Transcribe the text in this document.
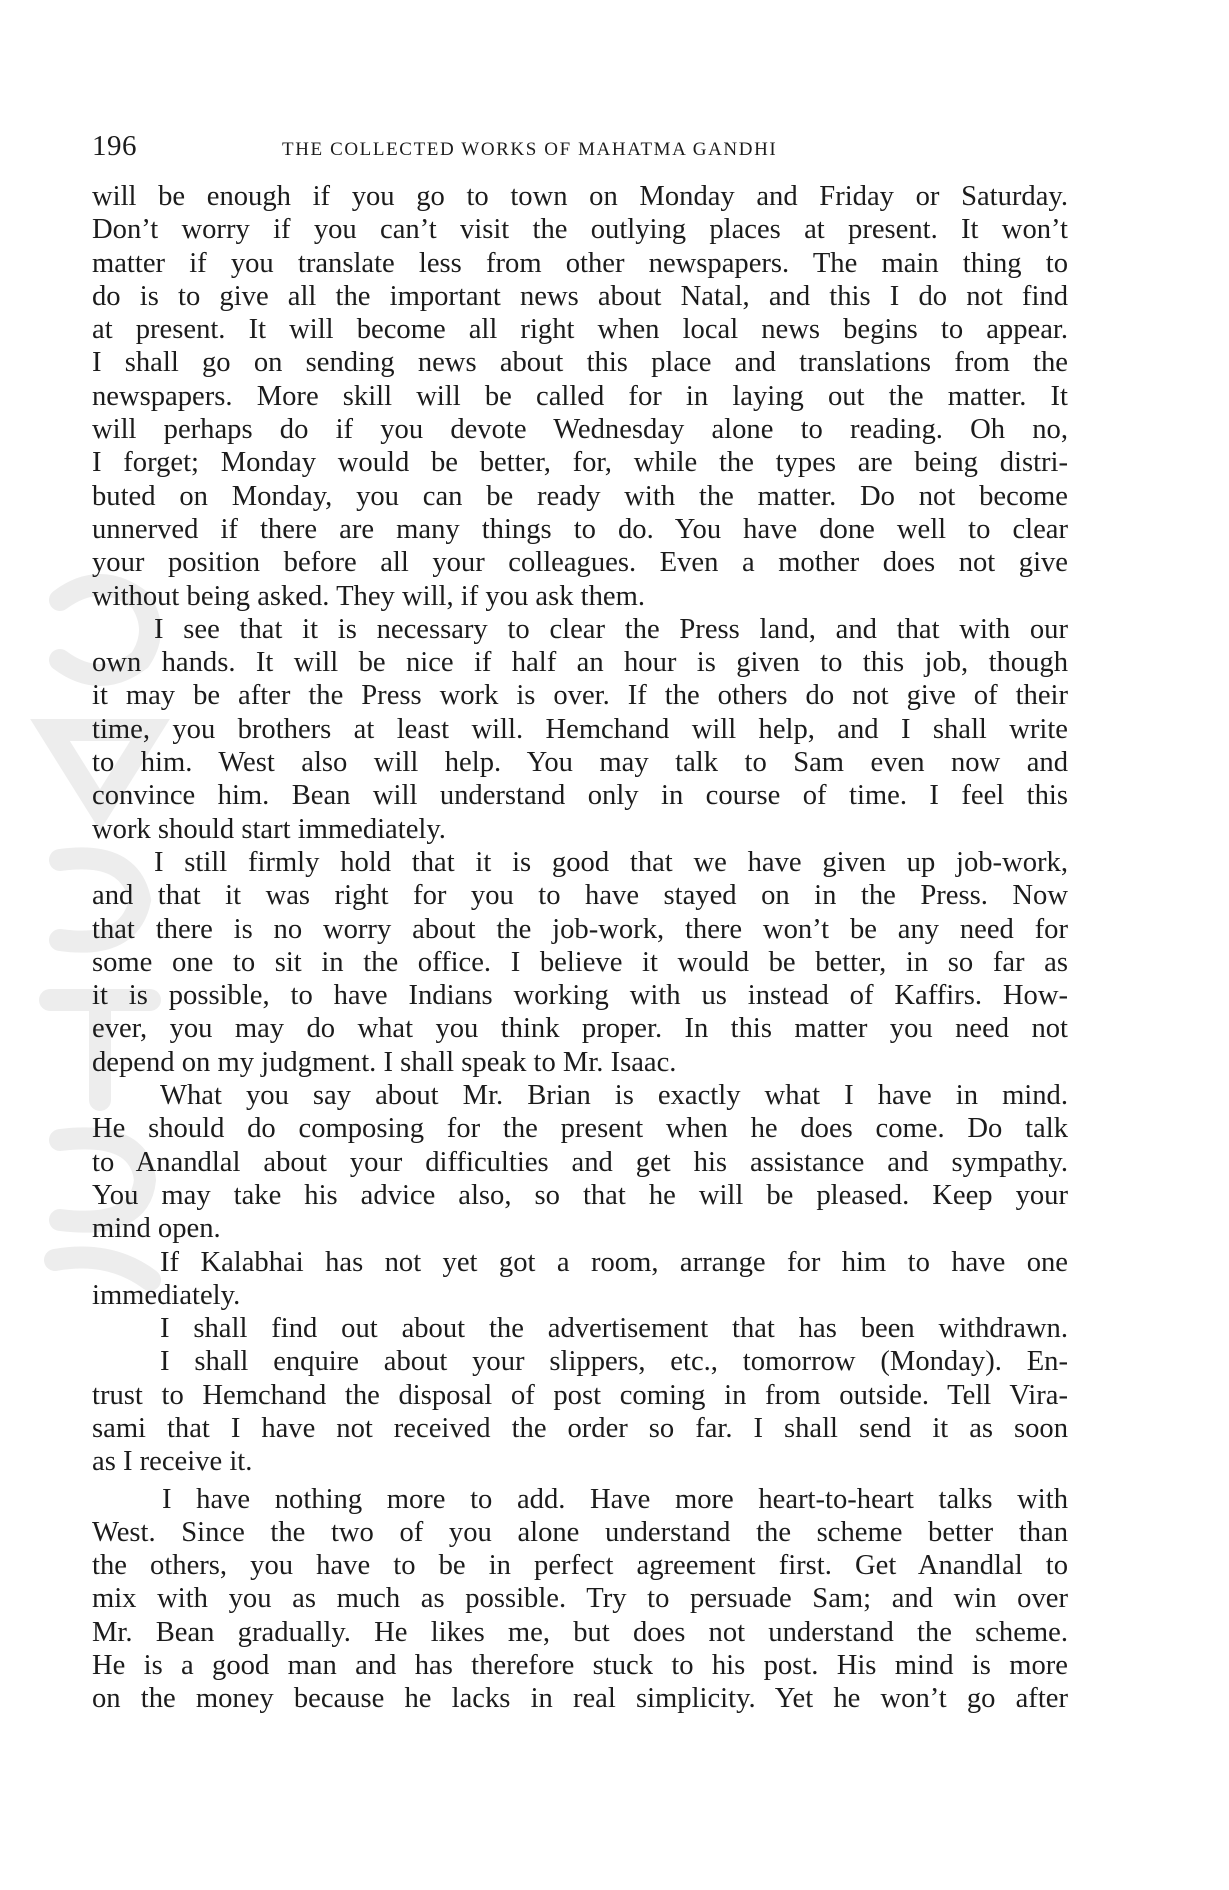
196	THE COLLECTED WORKS OF MAHATMA GANDHI
will be enough if you go to town on Monday and Friday or Saturday.
Don’t worry if you can’t visit the outlying places at present. It won’t
matter if you translate less from other newspapers. The main thing to
do is to give all the important news about Natal, and this I do not find
at present. It will become all right when local news begins to appear.
I shall go on sending news about this place and translations from the
newspapers. More skill will be called for in laying out the matter. It
will perhaps do if you devote Wednesday alone to reading. Oh no,
I forget; Monday would be better, for, while the types are being distri-
buted on Monday, you can be ready with the matter. Do not become
unnerved if there are many things to do. You have done well to clear
your position before all your colleagues. Even a mother does not give
without being asked. They will, if you ask them.
I see that it is necessary to clear the Press land, and that with our
own hands. It will be nice if half an hour is given to this job, though
it may be after the Press work is over. If the others do not give of their
time, you brothers at least will. Hemchand will help, and I shall write
to him. West also will help. You may talk to Sam even now and
convince him. Bean will understand only in course of time. I feel this
work should start immediately.
I still firmly hold that it is good that we have given up job-work,
and that it was right for you to have stayed on in the Press. Now
that there is no worry about the job-work, there won’t be any need for
some one to sit in the office. I believe it would be better, in so far as
it is possible, to have Indians working with us instead of Kaffirs. How-
ever, you may do what you think proper. In this matter you need not
depend on my judgment. I shall speak to Mr. Isaac.
What you say about Mr. Brian is exactly what I have in mind.
He should do composing for the present when he does come. Do talk
to Anandlal about your difficulties and get his assistance and sympathy.
You may take his advice also, so that he will be pleased. Keep your
mind open.
If Kalabhai has not yet got a room, arrange for him to have one
immediately.
I shall find out about the advertisement that has been withdrawn.
I shall enquire about your slippers, etc., tomorrow (Monday). En-
trust to Hemchand the disposal of post coming in from outside. Tell Vira-
sami that I have not received the order so far. I shall send it as soon
as I receive it.
I have nothing more to add. Have more heart-to-heart talks with
West. Since the two of you alone understand the scheme better than
the others, you have to be in perfect agreement first. Get Anandlal to
mix with you as much as possible. Try to persuade Sam; and win over
Mr. Bean gradually. He likes me, but does not understand the scheme.
He is a good man and has therefore stuck to his post. His mind is more
on the money because he lacks in real simplicity. Yet he won’t go after
